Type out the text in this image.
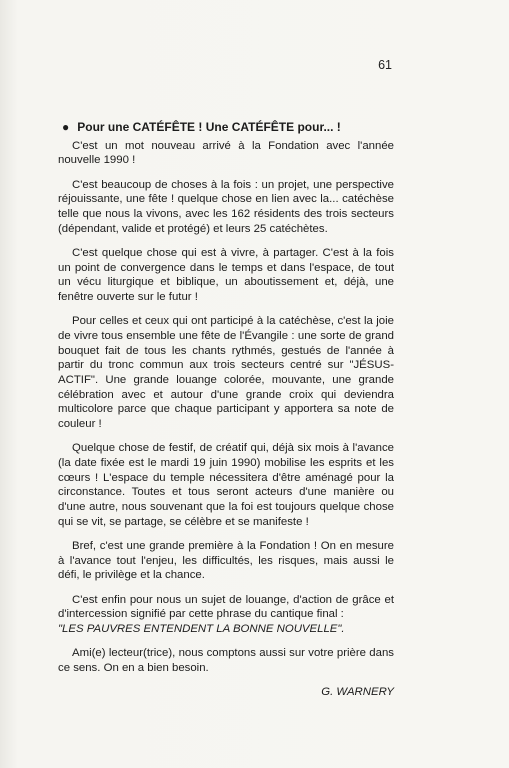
61
● Pour une CATÉFÊTE ! Une CATÉFÊTE pour... !

C'est un mot nouveau arrivé à la Fondation avec l'année nouvelle 1990 !

C'est beaucoup de choses à la fois : un projet, une perspective réjouissante, une fête ! quelque chose en lien avec la... catéchèse telle que nous la vivons, avec les 162 résidents des trois secteurs (dépendant, valide et protégé) et leurs 25 catéchètes.

C'est quelque chose qui est à vivre, à partager. C'est à la fois un point de convergence dans le temps et dans l'espace, de tout un vécu liturgique et biblique, un aboutissement et, déjà, une fenêtre ouverte sur le futur !

Pour celles et ceux qui ont participé à la catéchèse, c'est la joie de vivre tous ensemble une fête de l'Évangile : une sorte de grand bouquet fait de tous les chants rythmés, gestués de l'année à partir du tronc commun aux trois secteurs centré sur "JÉSUS-ACTIF". Une grande louange colorée, mouvante, une grande célébration avec et autour d'une grande croix qui deviendra multicolore parce que chaque participant y apportera sa note de couleur !

Quelque chose de festif, de créatif qui, déjà six mois à l'avance (la date fixée est le mardi 19 juin 1990) mobilise les esprits et les cœurs ! L'espace du temple nécessitera d'être aménagé pour la circonstance. Toutes et tous seront acteurs d'une manière ou d'une autre, nous souvenant que la foi est toujours quelque chose qui se vit, se partage, se célèbre et se manifeste !

Bref, c'est une grande première à la Fondation ! On en mesure à l'avance tout l'enjeu, les difficultés, les risques, mais aussi le défi, le privilège et la chance.

C'est enfin pour nous un sujet de louange, d'action de grâce et d'intercession signifié par cette phrase du cantique final :
"LES PAUVRES ENTENDENT LA BONNE NOUVELLE".

Ami(e) lecteur(trice), nous comptons aussi sur votre prière dans ce sens. On en a bien besoin.

G. WARNERY
